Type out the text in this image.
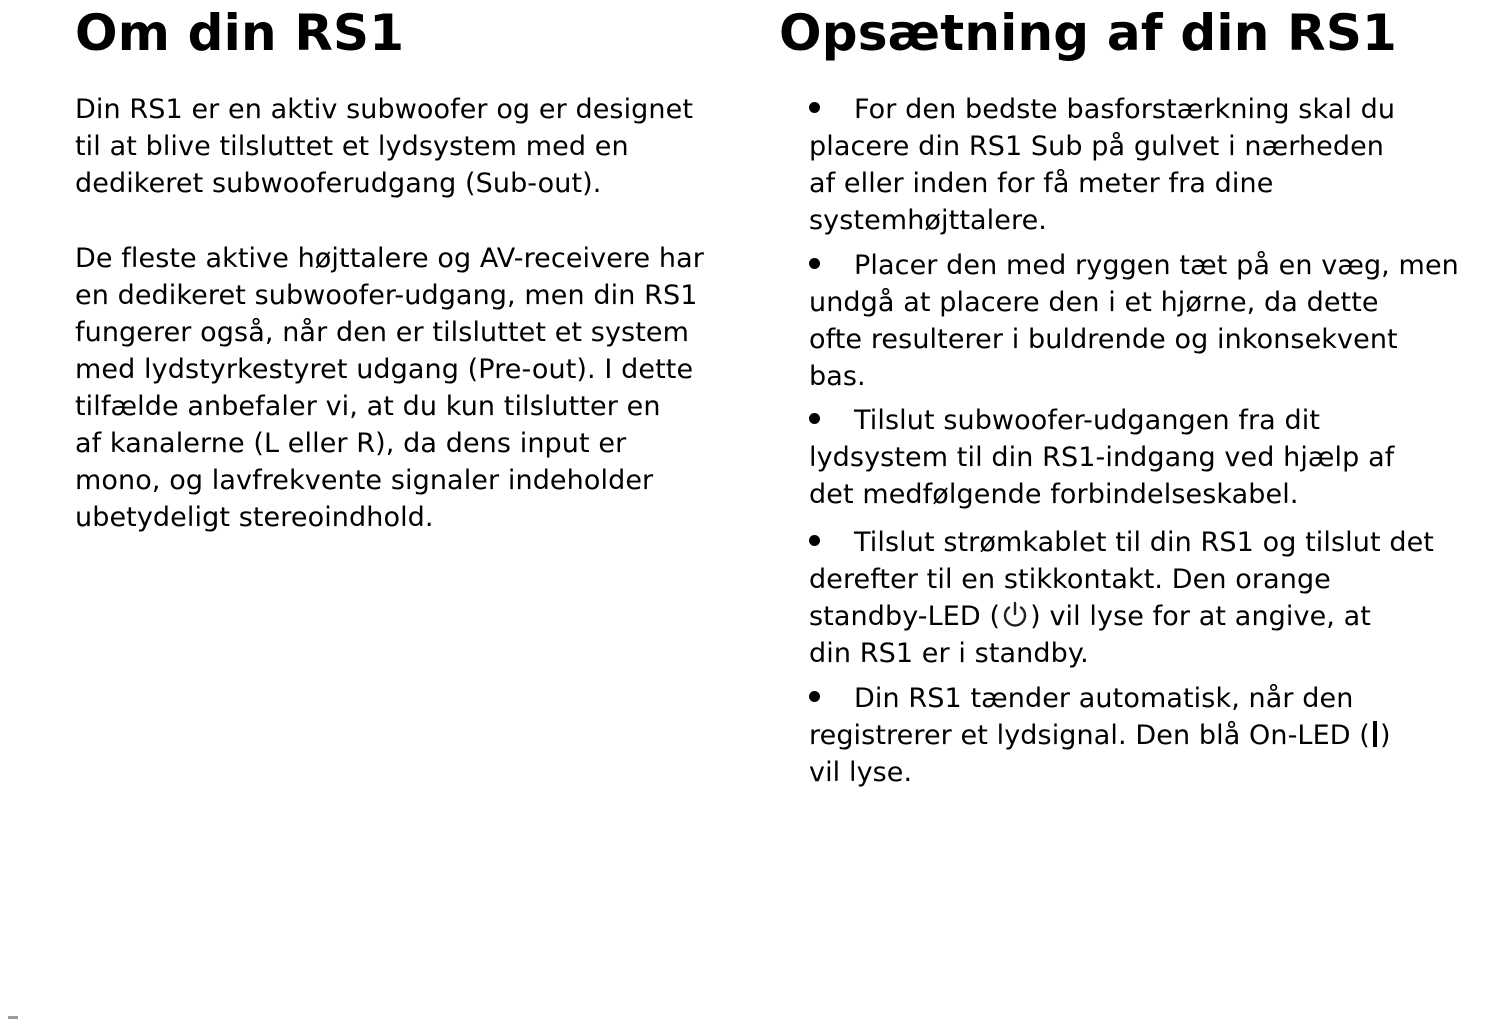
Om din RS1	Opsætning af din RS1

Din RS1 er en aktiv subwoofer og er designet
til at blive tilsluttet et lydsystem med en
dedikeret subwooferudgang (Sub-out).

De fleste aktive højttalere og AV-receivere har
en dedikeret subwoofer-udgang, men din RS1
fungerer også, når den er tilsluttet et system
med lydstyrkestyret udgang (Pre-out). I dette
tilfælde anbefaler vi, at du kun tilslutter en
af kanalerne (L eller R), da dens input er
mono, og lavfrekvente signaler indeholder
ubetydeligt stereoindhold.

For den bedste basforstærkning skal du
placere din RS1 Sub på gulvet i nærheden
af eller inden for få meter fra dine
systemhøjttalere.
Placer den med ryggen tæt på en væg, men
undgå at placere den i et hjørne, da dette
ofte resulterer i buldrende og inkonsekvent
bas.
Tilslut subwoofer-udgangen fra dit
lydsystem til din RS1-indgang ved hjælp af
det medfølgende forbindelseskabel.
Tilslut strømkablet til din RS1 og tilslut det
derefter til en stikkontakt. Den orange
standby-LED ( ) vil lyse for at angive, at
din RS1 er i standby.
Din RS1 tænder automatisk, når den
registrerer et lydsignal. Den blå On-LED ( )
vil lyse.
